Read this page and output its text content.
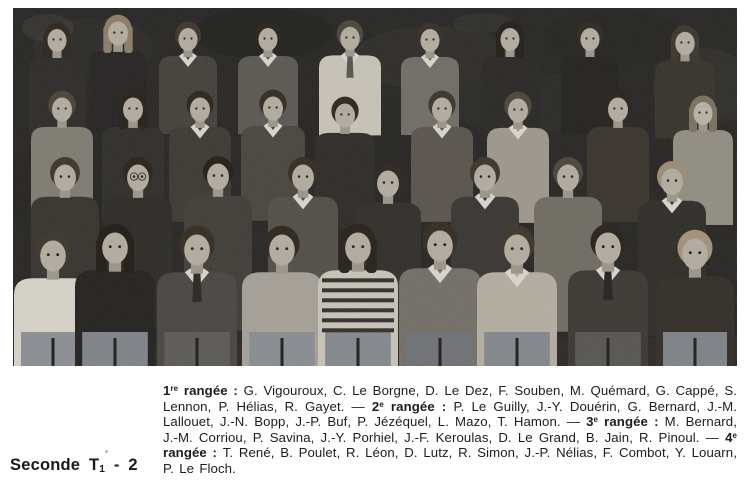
1re rangée : G. Vigouroux, C. Le Borgne, D. Le Dez, F. Souben, M. Quémard, G. Cappé, S. Lennon, P. Hélias, R. Gayet. — 2e rangée : P. Le Guilly, J.-Y. Douérin, G. Bernard, J.-M. Lallouet, J.-N. Bopp, J.-P. Buf, P. Jézéquel, L. Mazo, T. Hamon. — 3e rangée : M. Bernard, J.-M. Corriou, P. Savina, J.-Y. Porhiel, J.-F. Keroulas, D. Le Grand, B. Jain, R. Pinoul. — 4e rangée : T. René, B. Poulet, R. Léon, D. Lutz, R. Simon, J.-P. Nélias, F. Combot, Y. Louarn, P. Le Floch.

Seconde $T_1 - 2$
